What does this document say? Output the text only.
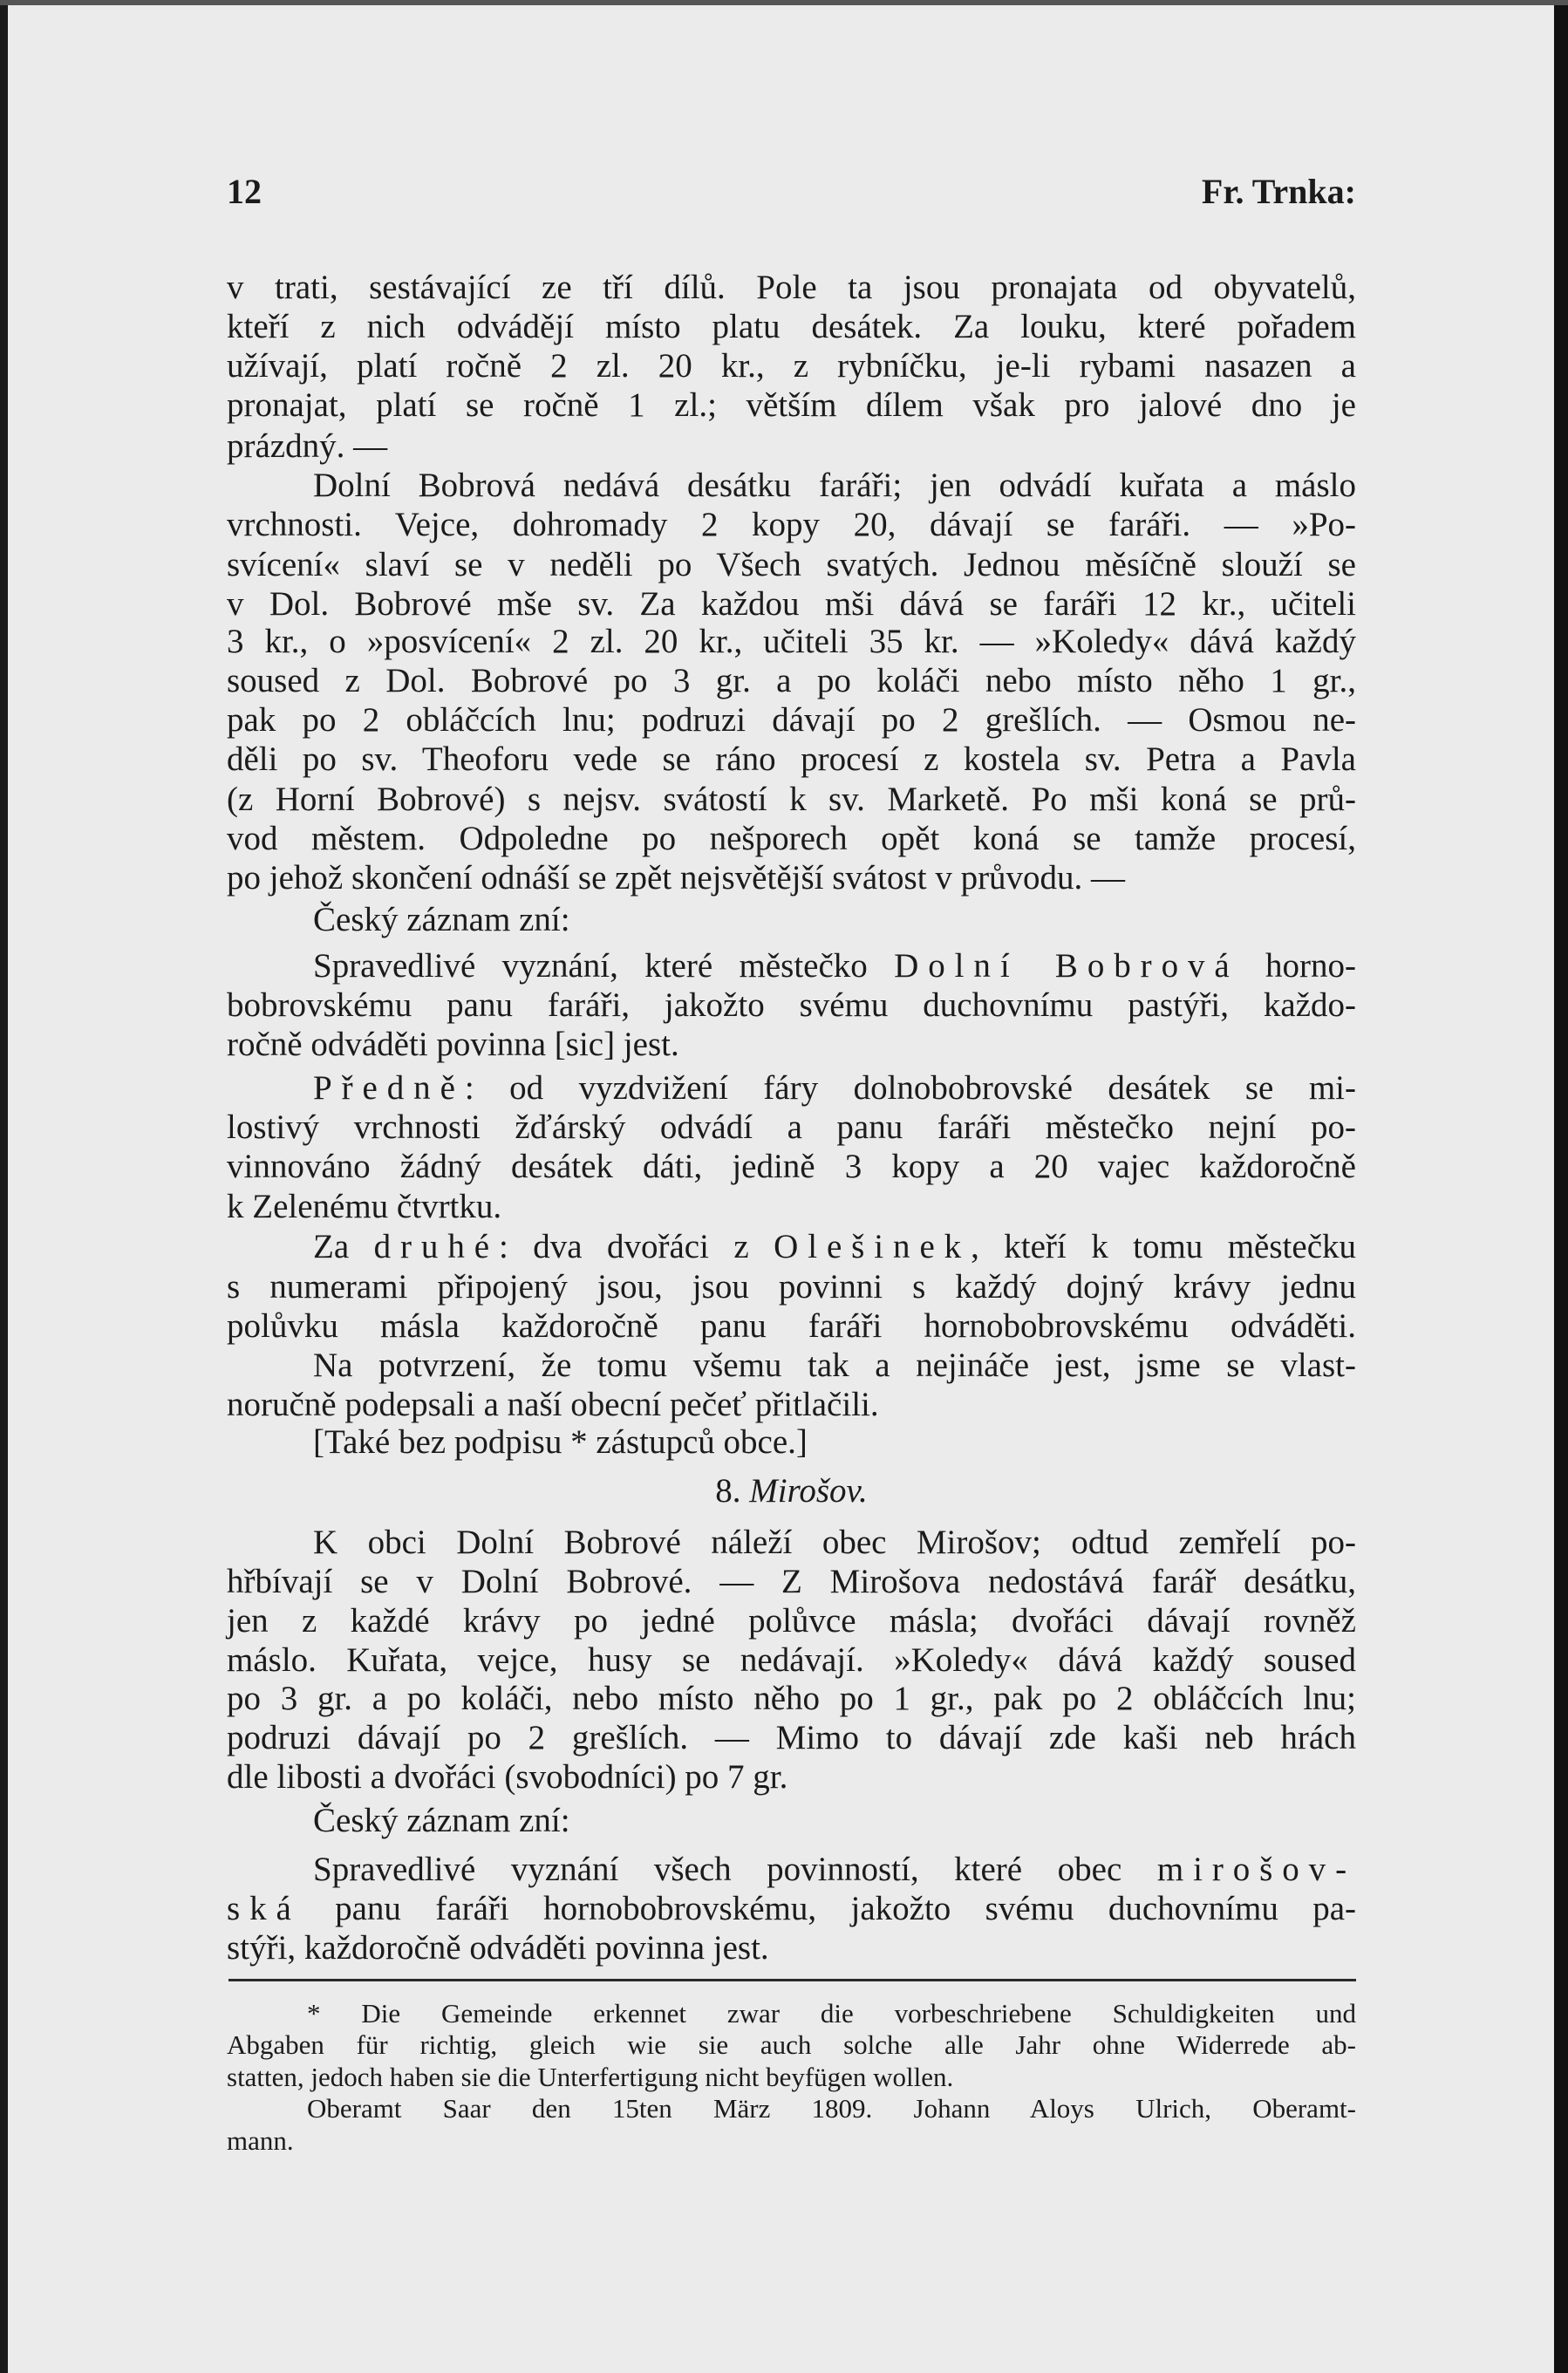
12	Fr. Trnka:
v trati, sestávající ze tří dílů. Pole ta jsou pronajata od obyvatelů,
kteří z nich odvádějí místo platu desátek. Za louku, které pořadem
užívají, platí ročně 2 zl. 20 kr., z rybníčku, je-li rybami nasazen a
pronajat, platí se ročně 1 zl.; větším dílem však pro jalové dno je
prázdný. —
Dolní Bobrová nedává desátku faráři; jen odvádí kuřata a máslo
vrchnosti. Vejce, dohromady 2 kopy 20, dávají se faráři. — »Po-
svícení« slaví se v neděli po Všech svatých. Jednou měsíčně slouží se
v Dol. Bobrové mše sv. Za každou mši dává se faráři 12 kr., učiteli
3 kr., o »posvícení« 2 zl. 20 kr., učiteli 35 kr. — »Koledy« dává každý
soused z Dol. Bobrové po 3 gr. a po koláči nebo místo něho 1 gr.,
pak po 2 obláčcích lnu; podruzi dávají po 2 grešlích. — Osmou ne-
děli po sv. Theoforu vede se ráno procesí z kostela sv. Petra a Pavla
(z Horní Bobrové) s nejsv. svátostí k sv. Marketě. Po mši koná se prů-
vod městem. Odpoledne po nešporech opět koná se tamže procesí,
po jehož skončení odnáší se zpět nejsvětější svátost v průvodu. —
Český záznam zní:
Spravedlivé vyznání, které městečko Dolní Bobrová horno-
bobrovskému panu faráři, jakožto svému duchovnímu pastýři, každo-
ročně odváděti povinna [sic] jest.
Předně: od vyzdvižení fáry dolnobobrovské desátek se mi-
lostivý vrchnosti žďárský odvádí a panu faráři městečko nejní po-
vinnováno žádný desátek dáti, jedině 3 kopy a 20 vajec každoročně
k Zelenému čtvrtku.
Za druhé: dva dvořáci z Olešinek, kteří k tomu městečku
s numerami připojený jsou, jsou povinni s každý dojný krávy jednu
polůvku másla každoročně panu faráři hornobobrovskému odváděti.
Na potvrzení, že tomu všemu tak a nejináče jest, jsme se vlast-
noručně podepsali a naší obecní pečeť přitlačili.
[Také bez podpisu * zástupců obce.]
8. Mirošov.
K obci Dolní Bobrové náleží obec Mirošov; odtud zemřelí po-
hřbívají se v Dolní Bobrové. — Z Mirošova nedostává farář desátku,
jen z každé krávy po jedné polůvce másla; dvořáci dávají rovněž
máslo. Kuřata, vejce, husy se nedávají. »Koledy« dává každý soused
po 3 gr. a po koláči, nebo místo něho po 1 gr., pak po 2 obláčcích lnu;
podruzi dávají po 2 grešlích. — Mimo to dávají zde kaši neb hrách
dle libosti a dvořáci (svobodníci) po 7 gr.
Český záznam zní:
Spravedlivé vyznání všech povinností, které obec mirošov-
ská panu faráři hornobobrovskému, jakožto svému duchovnímu pa-
stýři, každoročně odváděti povinna jest.
* Die Gemeinde erkennet zwar die vorbeschriebene Schuldigkeiten und
Abgaben für richtig, gleich wie sie auch solche alle Jahr ohne Widerrede ab-
statten, jedoch haben sie die Unterfertigung nicht beyfügen wollen.
Oberamt Saar den 15ten März 1809. Johann Aloys Ulrich, Oberamt-
mann.
